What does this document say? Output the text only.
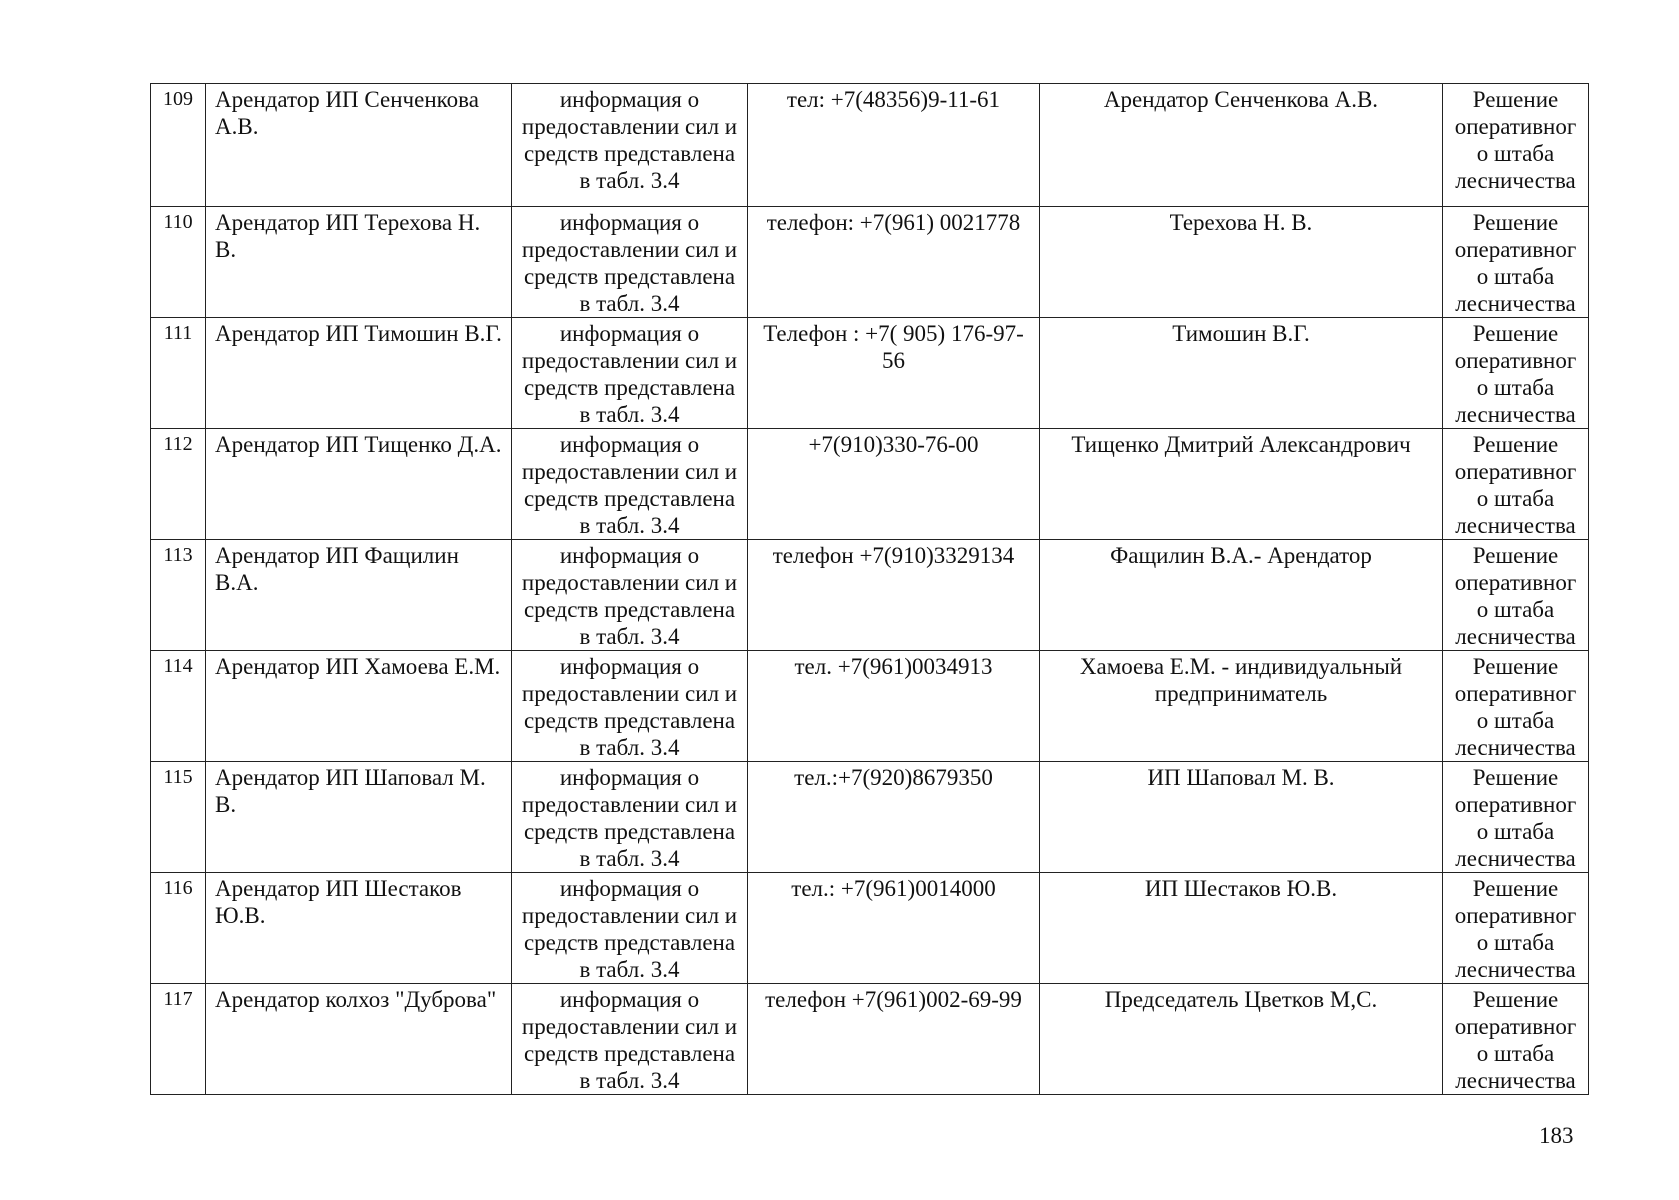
109	Арендатор ИП Сенченкова А.В.	информация о предоставлении сил и средств представлена в табл. 3.4	тел: +7(48356)9-11-61	Арендатор Сенченкова А.В.	Решение оперативног о штаба лесничества
110	Арендатор ИП Терехова Н. В.	информация о предоставлении сил и средств представлена в табл. 3.4	телефон: +7(961) 0021778	Терехова Н. В.	Решение оперативног о штаба лесничества
111	Арендатор ИП Тимошин В.Г.	информация о предоставлении сил и средств представлена в табл. 3.4	Телефон : +7( 905) 176-97-56	Тимошин В.Г.	Решение оперативног о штаба лесничества
112	Арендатор ИП Тищенко Д.А.	информация о предоставлении сил и средств представлена в табл. 3.4	+7(910)330-76-00	Тищенко Дмитрий Александрович	Решение оперативног о штаба лесничества
113	Арендатор ИП Фащилин В.А.	информация о предоставлении сил и средств представлена в табл. 3.4	телефон +7(910)3329134	Фащилин В.А.- Арендатор	Решение оперативног о штаба лесничества
114	Арендатор ИП Хамоева Е.М.	информация о предоставлении сил и средств представлена в табл. 3.4	тел. +7(961)0034913	Хамоева Е.М. - индивидуальный предприниматель	Решение оперативног о штаба лесничества
115	Арендатор ИП Шаповал М. В.	информация о предоставлении сил и средств представлена в табл. 3.4	тел.:+7(920)8679350	ИП Шаповал М. В.	Решение оперативног о штаба лесничества
116	Арендатор ИП Шестаков Ю.В.	информация о предоставлении сил и средств представлена в табл. 3.4	тел.: +7(961)0014000	ИП Шестаков Ю.В.	Решение оперативног о штаба лесничества
117	Арендатор колхоз "Дуброва"	информация о предоставлении сил и средств представлена в табл. 3.4	телефон +7(961)002-69-99	Председатель Цветков М,С.	Решение оперативног о штаба лесничества
183
